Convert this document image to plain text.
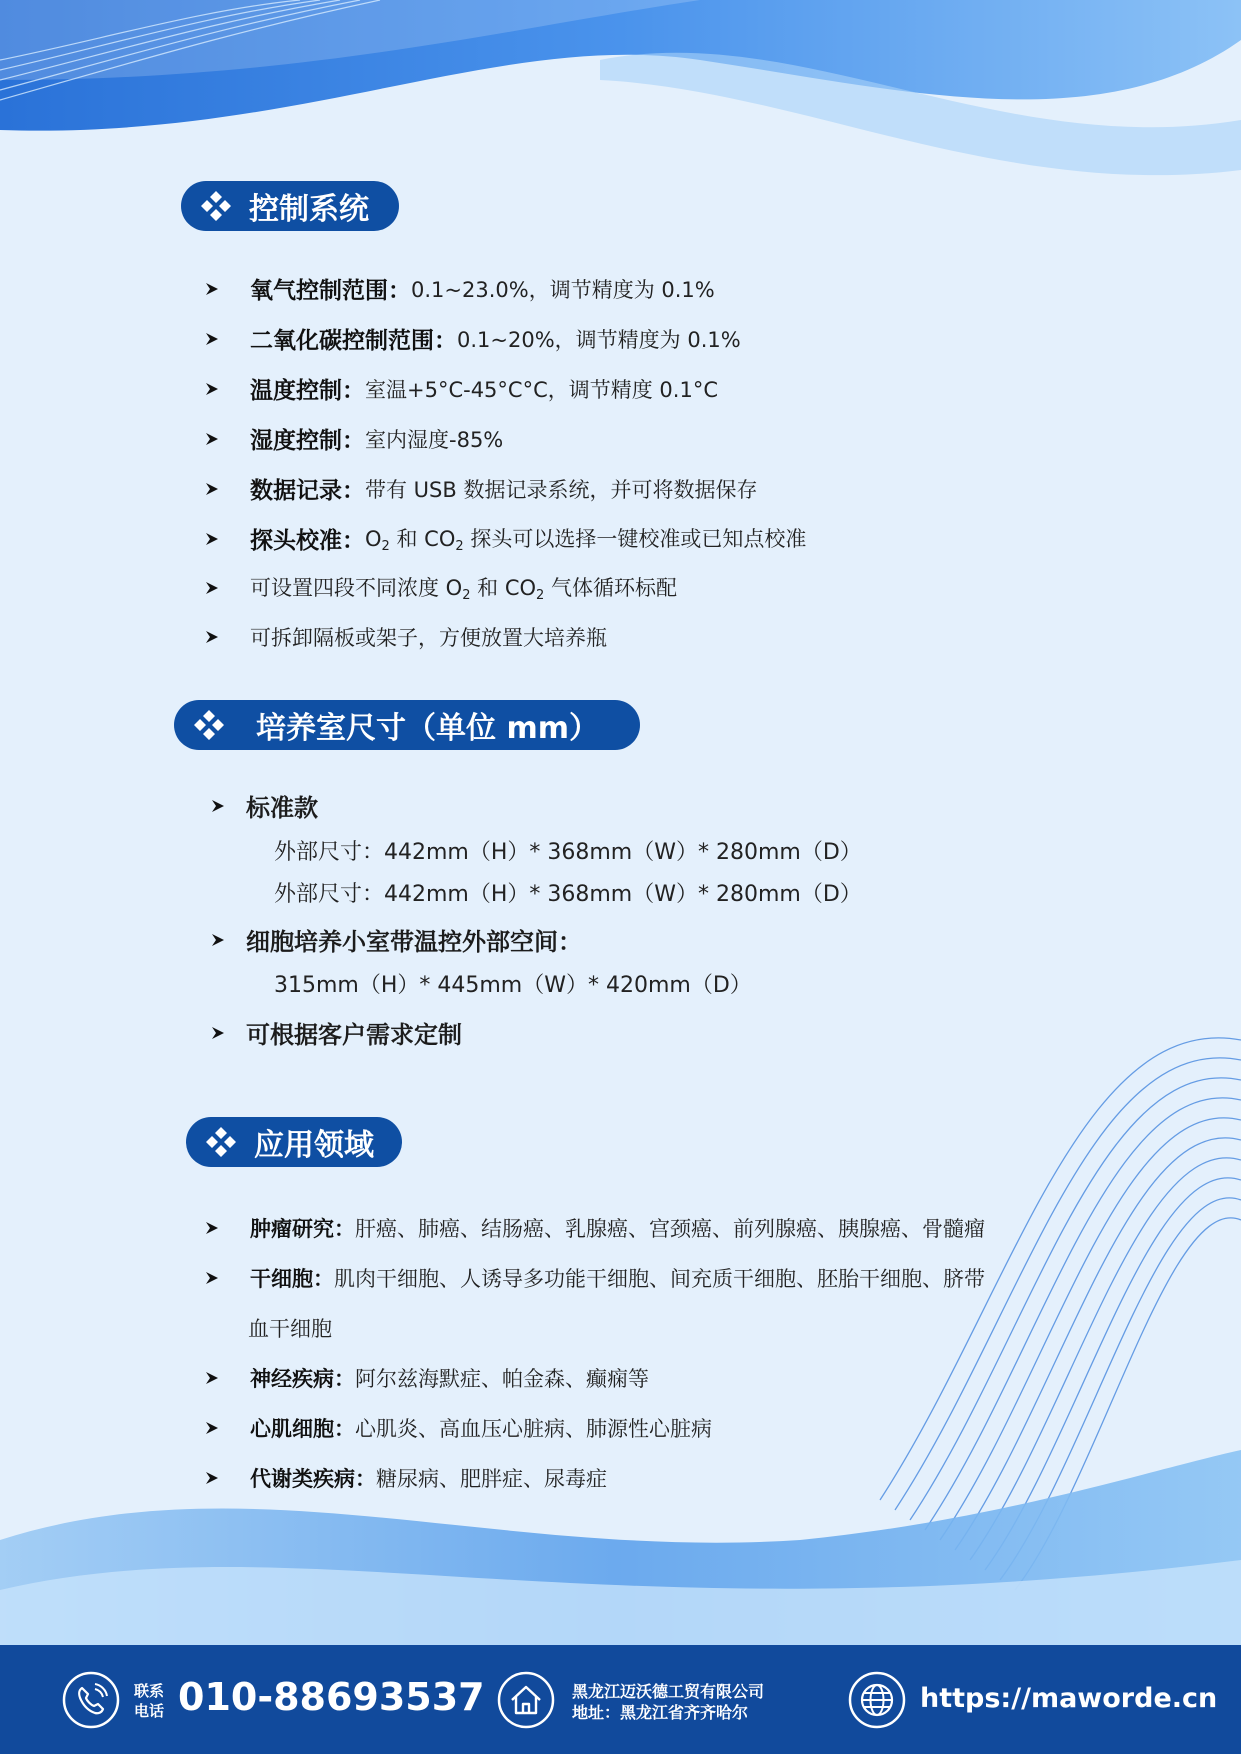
控制系统
氧气控制范围： 0.1~23.0%，调节精度为 0.1%
二氧化碳控制范围： 0.1~20%，调节精度为 0.1%
温度控制： 室温+5°C-45°C°C，调节精度 0.1°C
湿度控制： 室内湿度-85%
数据记录： 带有 USB 数据记录系统，并可将数据保存
探头校准： $O_2$ 和 $CO_2$ 探头可以选择一键校准或已知点校准
可设置四段不同浓度 $O_2$ 和 $CO_2$ 气体循环标配
可拆卸隔板或架子，方便放置大培养瓶
培养室尺寸（单位 mm）
标准款
外部尺寸：442mm（H）* 368mm（W）* 280mm（D）
外部尺寸：442mm（H）* 368mm（W）* 280mm（D）
细胞培养小室带温控外部空间：
315mm（H）* 445mm（W）* 420mm（D）
可根据客户需求定制
应用领域
肿瘤研究： 肝癌、肺癌、结肠癌、乳腺癌、宫颈癌、前列腺癌、胰腺癌、骨髓瘤
干细胞： 肌肉干细胞、人诱导多功能干细胞、间充质干细胞、胚胎干细胞、脐带
血干细胞
神经疾病： 阿尔兹海默症、帕金森、癫痫等
心肌细胞： 心肌炎、高血压心脏病、肺源性心脏病
代谢类疾病： 糖尿病、肥胖症、尿毒症
联系
电话 010-88693537	黑龙江迈沃德工贸有限公司
地址：黑龙江省齐齐哈尔	https://maworde.cn
